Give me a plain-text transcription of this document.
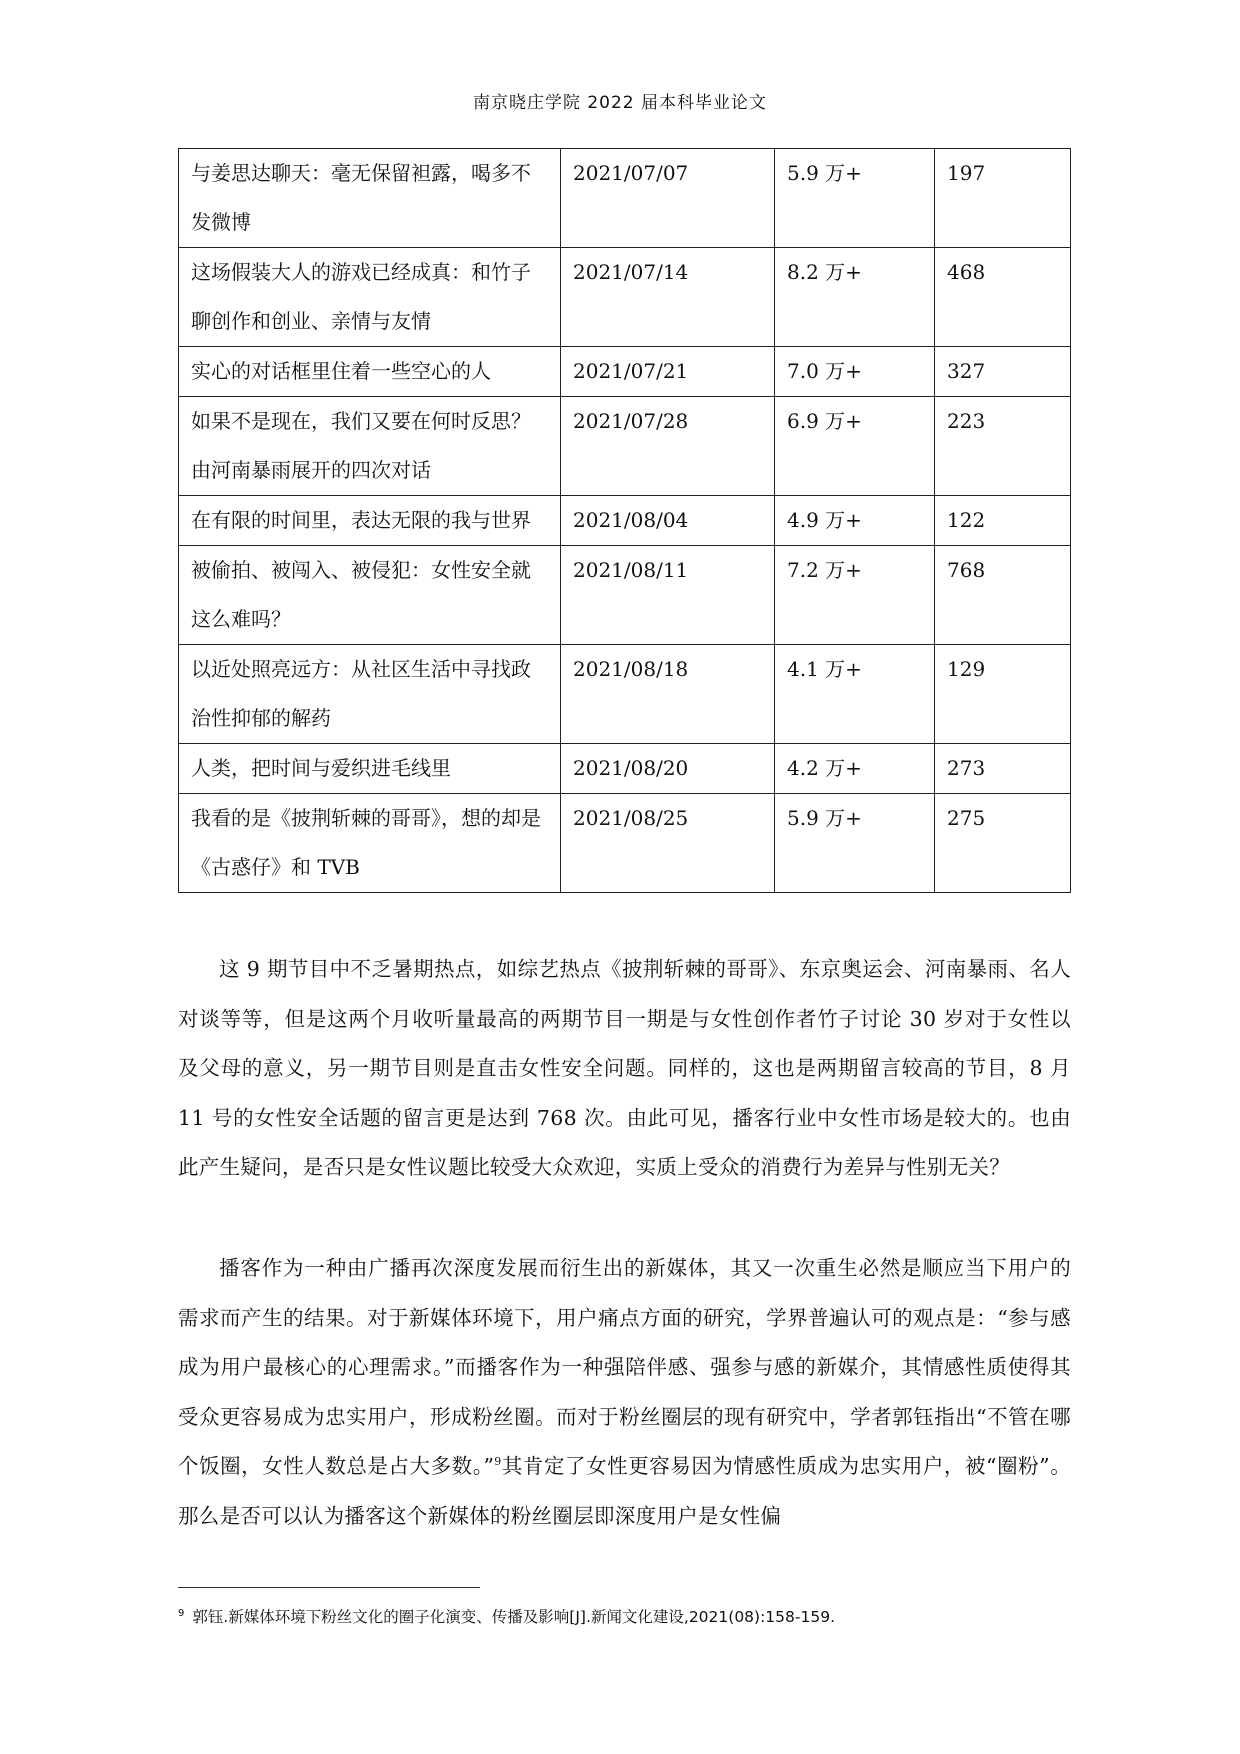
南京晓庄学院 2022 届本科毕业论文
与姜思达聊天：毫无保留袒露，喝多不发微博	2021/07/07	5.9 万+	197
这场假装大人的游戏已经成真：和竹子聊创作和创业、亲情与友情	2021/07/14	8.2 万+	468
实心的对话框里住着一些空心的人	2021/07/21	7.0 万+	327
如果不是现在，我们又要在何时反思？由河南暴雨展开的四次对话	2021/07/28	6.9 万+	223
在有限的时间里，表达无限的我与世界	2021/08/04	4.9 万+	122
被偷拍、被闯入、被侵犯：女性安全就这么难吗？	2021/08/11	7.2 万+	768
以近处照亮远方：从社区生活中寻找政治性抑郁的解药	2021/08/18	4.1 万+	129
人类，把时间与爱织进毛线里	2021/08/20	4.2 万+	273
我看的是《披荆斩棘的哥哥》，想的却是《古惑仔》和 TVB	2021/08/25	5.9 万+	275

这 9 期节目中不乏暑期热点，如综艺热点《披荆斩棘的哥哥》、东京奥运会、河南暴雨、名人对谈等等，但是这两个月收听量最高的两期节目一期是与女性创作者竹子讨论 30 岁对于女性以及父母的意义，另一期节目则是直击女性安全问题。同样的，这也是两期留言较高的节目，8 月 11 号的女性安全话题的留言更是达到 768 次。由此可见，播客行业中女性市场是较大的。也由此产生疑问，是否只是女性议题比较受大众欢迎，实质上受众的消费行为差异与性别无关？

播客作为一种由广播再次深度发展而衍生出的新媒体，其又一次重生必然是顺应当下用户的需求而产生的结果。对于新媒体环境下，用户痛点方面的研究，学界普遍认可的观点是：“参与感成为用户最核心的心理需求。”而播客作为一种强陪伴感、强参与感的新媒介，其情感性质使得其受众更容易成为忠实用户，形成粉丝圈。而对于粉丝圈层的现有研究中，学者郭钰指出“不管在哪个饭圈，女性人数总是占大多数。”$^9$其肯定了女性更容易因为情感性质成为忠实用户，被“圈粉”。那么是否可以认为播客这个新媒体的粉丝圈层即深度用户是女性偏

$^9$ 郭钰.新媒体环境下粉丝文化的圈子化演变、传播及影响[J].新闻文化建设,2021(08):158-159.
